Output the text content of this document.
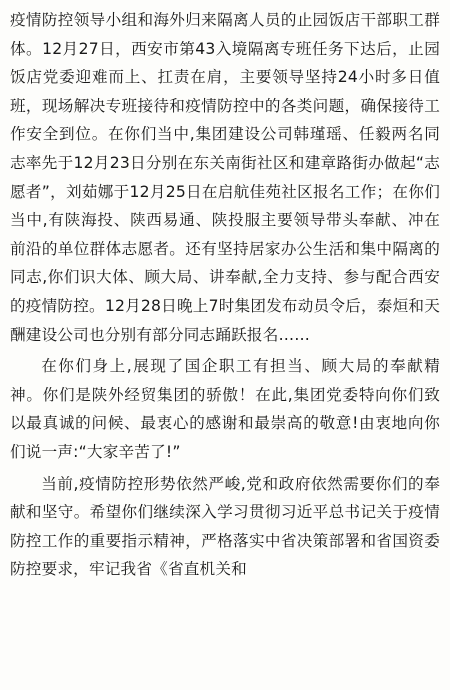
疫情防控领导小组和海外归来隔离人员的止园饭店干部职工群体。12月27日，西安市第43入境隔离专班任务下达后，止园饭店党委迎难而上、扛责在肩，主要领导坚持24小时多日值班，现场解决专班接待和疫情防控中的各类问题，确保接待工作安全到位。在你们当中,集团建设公司韩瑾瑶、任毅两名同志率先于12月23日分别在东关南街社区和建章路街办做起“志愿者”，刘茹娜于12月25日在启航佳苑社区报名工作；在你们当中,有陕海投、陕西易通、陕投服主要领导带头奉献、冲在前沿的单位群体志愿者。还有坚持居家办公生活和集中隔离的同志,你们识大体、顾大局、讲奉献,全力支持、参与配合西安的疫情防控。12月28日晚上7时集团发布动员令后，泰烜和天酬建设公司也分别有部分同志踊跃报名……

在你们身上,展现了国企职工有担当、顾大局的奉献精神。你们是陕外经贸集团的骄傲！在此,集团党委特向你们致以最真诚的问候、最衷心的感谢和最崇高的敬意!由衷地向你们说一声:“大家辛苦了!”

当前,疫情防控形势依然严峻,党和政府依然需要你们的奉献和坚守。希望你们继续深入学习贯彻习近平总书记关于疫情防控工作的重要指示精神，严格落实中省决策部署和省国资委防控要求，牢记我省《省直机关和
